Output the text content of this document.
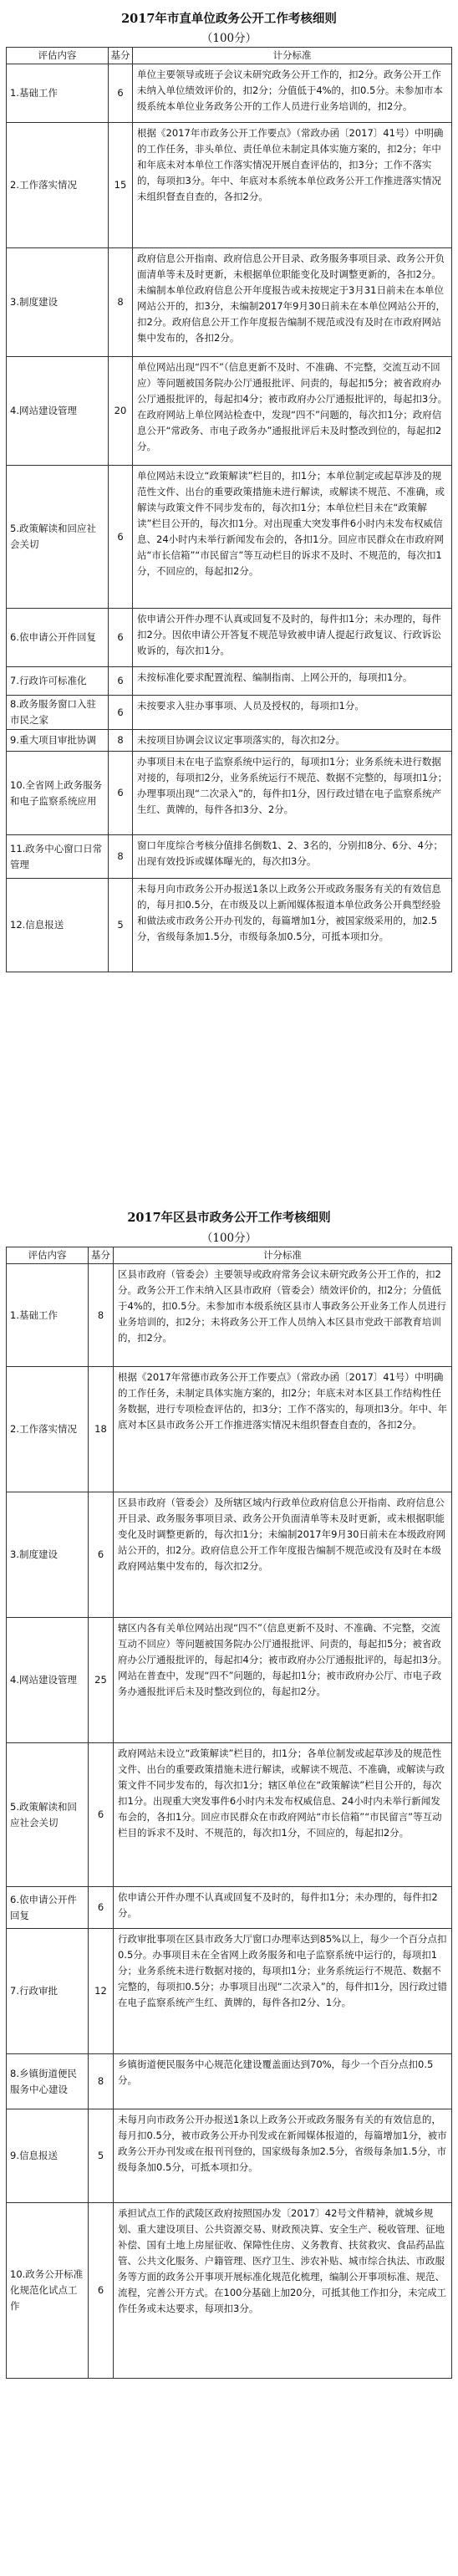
2017年市直单位政务公开工作考核细则
（100分）
评估内容	基分	计分标准
1.基础工作	6	单位主要领导或班子会议未研究政务公开工作的，扣2分。政务公开工作未纳入单位绩效评价的，扣2分；分值低于4%的，扣0.5分。未参加市本级系统本单位业务政务公开的工作人员进行业务培训的，扣2分。
2.工作落实情况	15	根据《2017年市政务公开工作要点》（常政办函〔2017〕41号）中明确的工作任务，非头单位、责任单位未制定具体实施方案的，扣2分；年中和年底未对本单位工作落实情况开展自查评估的，扣3分；工作不落实的，每项扣3分。年中、年底对本系统本单位政务公开工作推进落实情况未组织督查自查的，各扣2分。
3.制度建设	8	政府信息公开指南、政府信息公开目录、政务服务事项目录、政务公开负面清单等未及时更新，未根据单位职能变化及时调整更新的，各扣2分。未编制本单位政府信息公开年度报告或未按规定于3月31日前未在本单位网站公开的，扣3分，未编制2017年9月30日前未在本单位网站公开的，扣2分。政府信息公开工作年度报告编制不规范或没有及时在市政府网站集中发布的，各扣2分。
4.网站建设管理	20	单位网站出现“四不”（信息更新不及时、不准确、不完整，交流互动不回应）等问题被国务院办公厅通报批评、问责的，每起扣5分；被省政府办公厅通报批评的，每起扣4分；被市政府办公厅通报批评的，每起扣3分。在政府网站上单位网站检查中，发现“四不”问题的，每次扣1分；政府信息公开“常政务、市电子政务办”通报批评后未及时整改到位的，每起扣2分。
5.政策解读和回应社会关切	6	单位网站未设立“政策解读”栏目的，扣1分；本单位制定或起草涉及的规范性文件、出台的重要政策措施未进行解读，或解读不规范、不准确，或解读与政策文件不同步发布的，每次扣1分；本单位栏目未在“政策解读”栏目公开的，每次扣1分。对出现重大突发事件6小时内未发布权威信息、24小时内未举行新闻发布会的，各扣1分。回应市民群众在市政府网站“市长信箱”“市民留言”等互动栏目的诉求不及时、不规范的，每次扣1分，不回应的，每起扣2分。
6.依申请公开件回复	6	依申请公开件办理不认真或回复不及时的，每件扣1分；未办理的，每件扣2分。因依申请公开答复不规范导致被申请人提起行政复议、行政诉讼败诉的，每次扣1分。
7.行政许可标准化	6	未按标准化要求配置流程、编制指南、上网公开的，每项扣1分。
8.政务服务窗口入驻市民之家	6	未按要求入驻办事事项、人员及授权的，每项扣1分。
9.重大项目审批协调	8	未按项目协调会议议定事项落实的，每次扣2分。
10.全省网上政务服务和电子监察系统应用	6	办事项目未在电子监察系统中运行的，每项扣1分；业务系统未进行数据对接的，每项扣2分，业务系统运行不规范、数据不完整的，每项扣1分；办理事项出现“二次录入”的，每件扣1分，因行政过错在电子监察系统产生红、黄牌的，每件各扣3分、2分。
11.政务中心窗口日常管理	8	窗口年度综合考核分值排名倒数1、2、3名的，分别扣8分、6分、4分；出现有效投诉或媒体曝光的，每次扣3分。
12.信息报送	5	未每月向市政务公开办报送1条以上政务公开或政务服务有关的有效信息的，每月扣0.5分，在市级及以上新闻媒体报道本单位政务公开典型经验和做法或市政务公开办刊发的，每篇增加1分，被国家级采用的，加2.5分，省级每条加1.5分，市级每条加0.5分，可抵本项扣分。
2017年区县市政务公开工作考核细则
（100分）
评估内容	基分	计分标准
1.基础工作	8	区县市政府（管委会）主要领导或政府常务会议未研究政务公开工作的，扣2分。政务公开工作未纳入区县市政府（管委会）绩效评价的，扣2分；分值低于4%的，扣0.5分。未参加市本级系统区县市人事政务公开业务工作人员进行业务培训的，扣2分；未将政务公开工作人员纳入本区县市党政干部教育培训的，扣2分。
2.工作落实情况	18	根据《2017年常德市政务公开工作要点》（常政办函〔2017〕41号）中明确的工作任务，未制定具体实施方案的，扣2分；年底未对本区县工作结构性任务数据，进行专项检查评估的，扣3分；工作不落实的，每项扣3分。年中、年底对本区县市政务公开工作推进落实情况未组织督查自查的，各扣2分。
3.制度建设	6	区县市政府（管委会）及所辖区域内行政单位政府信息公开指南、政府信息公开目录、政务服务事项目录、政务公开负面清单等未及时更新，或未根据职能变化及时调整更新的，每次扣1分；未编制2017年9月30日前未在本级政府网站公开的，扣2分。政府信息公开工作年度报告编制不规范或没有及时在本级政府网站集中发布的，每次扣2分。
4.网站建设管理	25	辖区内各有关单位网站出现“四不”（信息更新不及时、不准确、不完整，交流互动不回应）等问题被国务院办公厅通报批评、问责的，每起扣5分；被省政府办公厅通报批评的，每起扣4分；被市政府办公厅通报批评的，每起扣3分。网站在普查中，发现“四不”问题的，每起扣1分；被市政府办公厅、市电子政务办通报批评后未及时整改到位的，每起扣2分。
5.政策解读和回应社会关切	6	政府网站未设立“政策解读”栏目的，扣1分；各单位制发或起草涉及的规范性文件、出台的重要政策措施未进行解读，或解读不规范、不准确，或解读与政策文件不同步发布的，每次扣1分；辖区单位在“政策解读”栏目公开的，每次扣1分。出现重大突发事件6小时内未发布权威信息、24小时内未举行新闻发布会的，各扣1分。回应市民群众在市政府网站“市长信箱”“市民留言”等互动栏目的诉求不及时、不规范的，每次扣1分，不回应的，每起扣2分。
6.依申请公开件回复	6	依申请公开件办理不认真或回复不及时的，每件扣1分；未办理的，每件扣2分。
7.行政审批	12	行政审批事项在区县市政务大厅窗口办理率达到85%以上，每少一个百分点扣0.5分。办事项目未在全省网上政务服务和电子监察系统中运行的，每项扣1分；业务系统未进行数据对接的，每项扣1分；业务系统运行不规范、数据不完整的，每项扣0.5分；办事项目出现“二次录入”的，每件扣1分，因行政过错在电子监察系统产生红、黄牌的，每件各扣2分、1分。
8.乡镇街道便民服务中心建设	8	乡镇街道便民服务中心规范化建设覆盖面达到70%，每少一个百分点扣0.5分。
9.信息报送	5	未每月向市政务公开办报送1条以上政务公开或政务服务有关的有效信息的，每月扣0.5分，被市政务公开办刊发或在新闻媒体报道的，每篇增加1分，被市政务公开办刊发或在报刊刊登的，国家级每条加2.5分，省级每条加1.5分，市级每条加0.5分，可抵本项扣分。
10.政务公开标准化规范化试点工作	6	承担试点工作的武陵区政府按照国办发〔2017〕42号文件精神，就城乡规划、重大建设项目、公共资源交易、财政预决算、安全生产、税收管理、征地补偿、国有土地上房屋征收、保障性住房、义务教育、扶贫救灾、食品药品监管、公共文化服务、户籍管理、医疗卫生、涉农补贴、城市综合执法、市政服务等方面的政务公开事项开展标准化规范化梳理，编制公开事项标准、规范、流程，完善公开方式。在100分基础上加20分，可抵其他工作扣分，未完成工作任务或未达要求，每项扣3分。
